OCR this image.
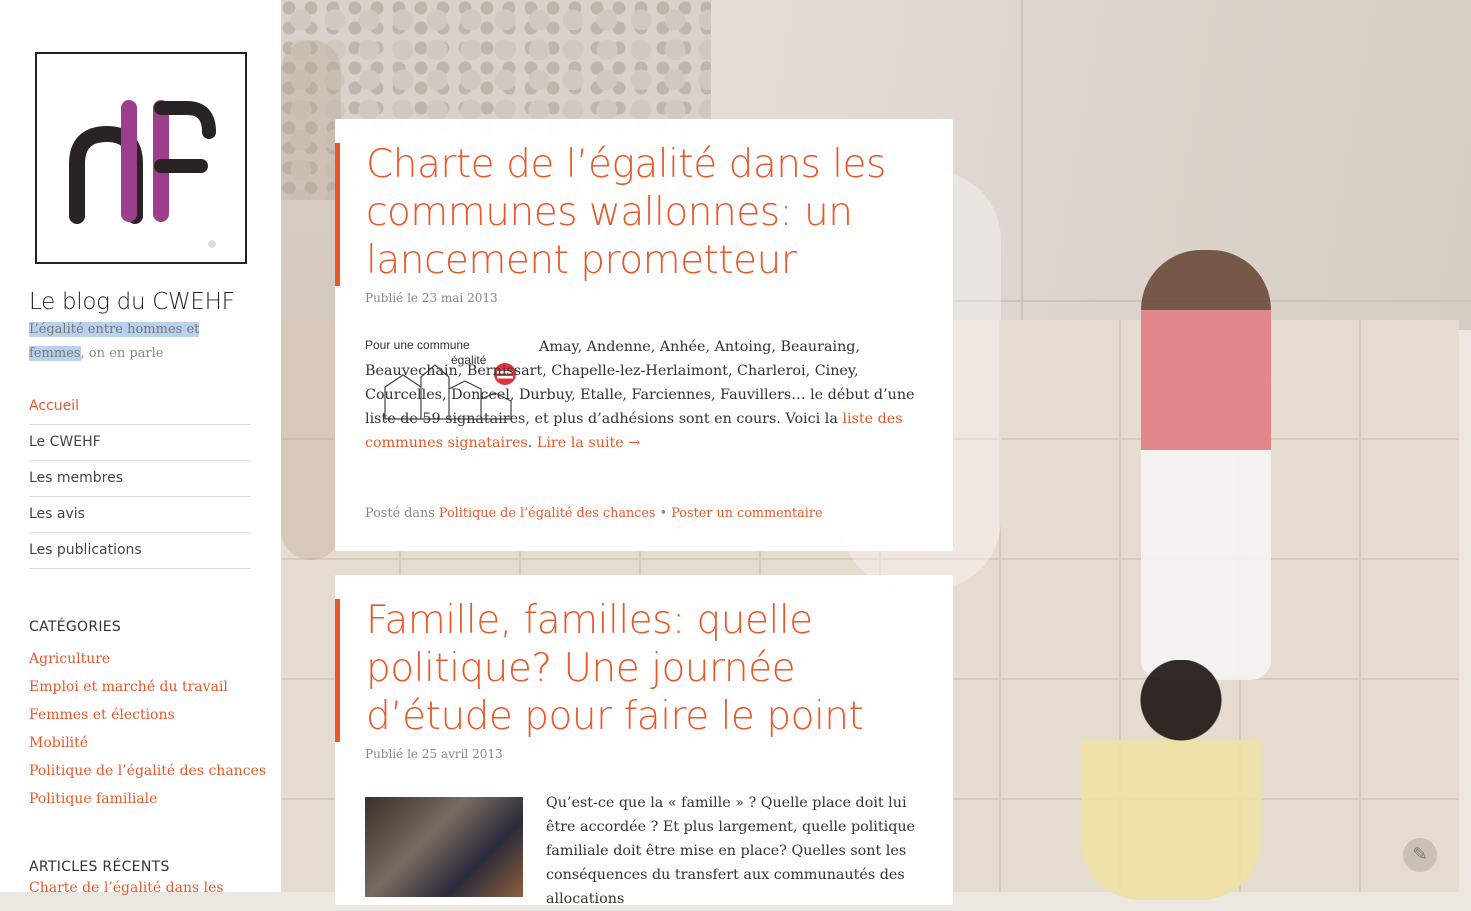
Le blog du CWEHF
L’égalité entre hommes et femmes, on en parle
Accueil
Le CWEHF
Les membres
Les avis
Les publications
CATÉGORIES
Agriculture
Emploi et marché du travail
Femmes et élections
Mobilité
Politique de l’égalité des chances
Politique familiale
ARTICLES RÉCENTS
Charte de l’égalité dans les
Charte de l’égalité dans les communes wallonnes: un lancement prometteur
Publié le 23 mai 2013
Pour une commune
égalité
Amay, Andenne, Anhée, Antoing, Beauraing, Beauvechain, Bernissart, Chapelle-lez-Herlaimont, Charleroi, Ciney, Courcelles, Donceel, Durbuy, Etalle, Farciennes, Fauvillers… le début d’une liste de 59 signataires, et plus d’adhésions sont en cours. Voici la liste des communes signataires. Lire la suite →
Posté dans Politique de l’égalité des chances • Poster un commentaire
Famille, familles: quelle politique? Une journée d’étude pour faire le point
Publié le 25 avril 2013
Qu’est-ce que la « famille » ? Quelle place doit lui être accordée ? Et plus largement, quelle politique familiale doit être mise en place? Quelles sont les conséquences du transfert aux communautés des allocations
✎
